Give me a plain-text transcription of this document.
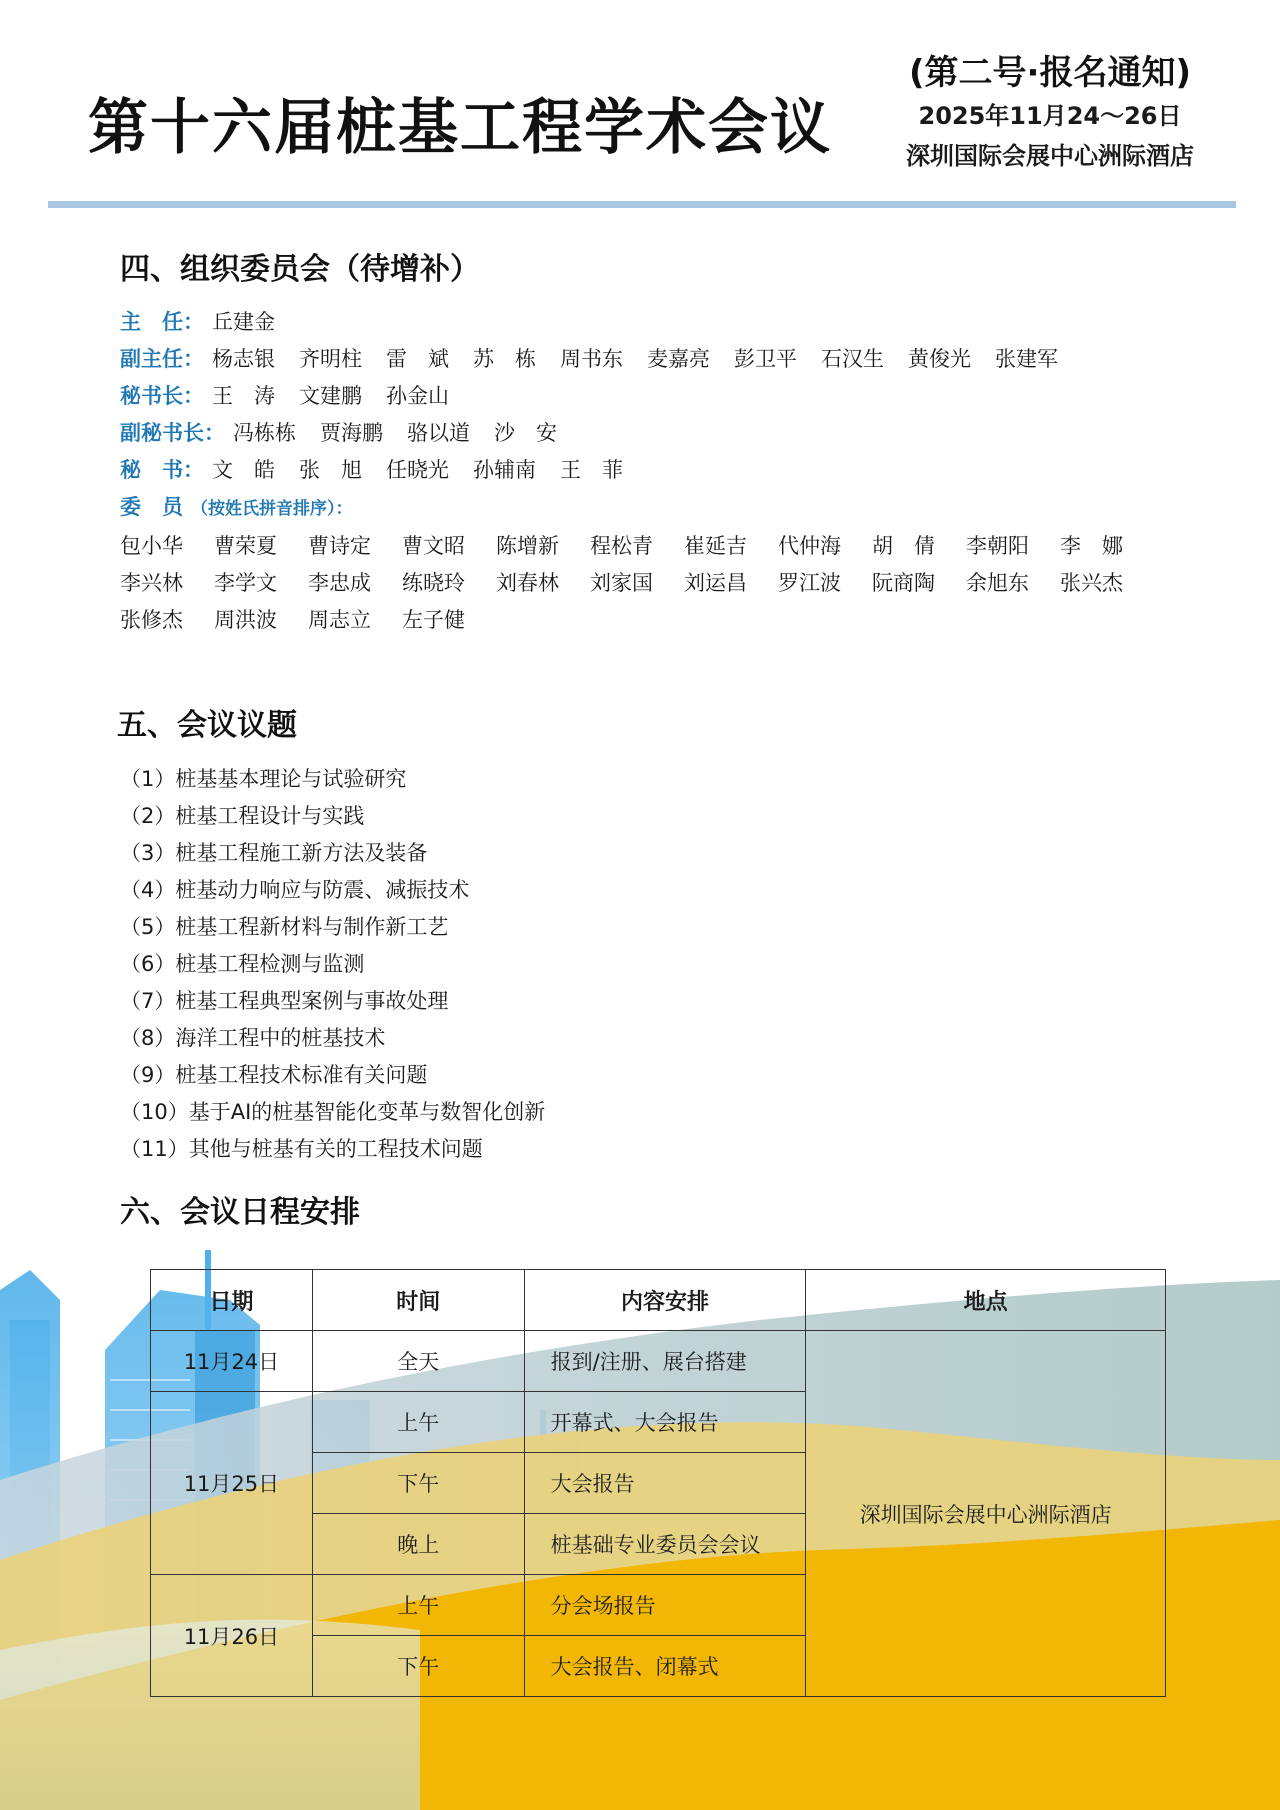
第十六届桩基工程学术会议
(第二号·报名通知)
2025年11月24～26日
深圳国际会展中心洲际酒店
四、组织委员会（待增补）
主　任： 丘建金
副主任： 杨志银 齐明柱 雷　斌 苏　栋 周书东 麦嘉亮 彭卫平 石汉生 黄俊光 张建军
秘书长： 王　涛 文建鹏 孙金山
副秘书长： 冯栋栋 贾海鹏 骆以道 沙　安
秘　书： 文　皓 张　旭 任晓光 孙辅南 王　菲
委　员 （按姓氏拼音排序）：
包小华	曹荣夏	曹诗定	曹文昭	陈增新	程松青	崔延吉	代仲海	胡　倩	李朝阳	李　娜
李兴林	李学文	李忠成	练晓玲	刘春林	刘家国	刘运昌	罗江波	阮商陶	余旭东	张兴杰
张修杰	周洪波	周志立	左子健
五、会议议题
（1）桩基基本理论与试验研究
（2）桩基工程设计与实践
（3）桩基工程施工新方法及装备
（4）桩基动力响应与防震、减振技术
（5）桩基工程新材料与制作新工艺
（6）桩基工程检测与监测
（7）桩基工程典型案例与事故处理
（8）海洋工程中的桩基技术
（9）桩基工程技术标准有关问题
（10）基于AI的桩基智能化变革与数智化创新
（11）其他与桩基有关的工程技术问题
六、会议日程安排
日期	时间	内容安排	地点
11月24日	全天	报到/注册、展台搭建	深圳国际会展中心洲际酒店
11月25日	上午	开幕式、大会报告	
	下午	大会报告	
	晚上	桩基础专业委员会会议	
11月26日	上午	分会场报告	
	下午	大会报告、闭幕式	
